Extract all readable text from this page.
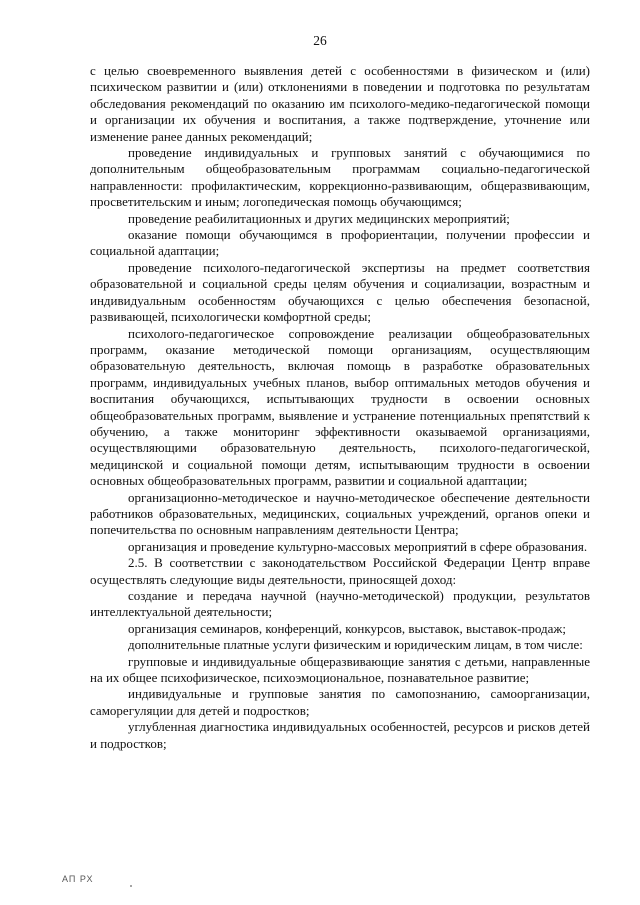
26

с целью своевременного выявления детей с особенностями в физическом и (или) психическом развитии и (или) отклонениями в поведении и подготовка по результатам обследования рекомендаций по оказанию им психолого-медико-педагогической помощи и организации их обучения и воспитания, а также подтверждение, уточнение или изменение ранее данных рекомендаций;

проведение индивидуальных и групповых занятий с обучающимися по дополнительным общеобразовательным программам социально-педагогической направленности: профилактическим, коррекционно-развивающим, общеразвивающим, просветительским и иным; логопедическая помощь обучающимся;

проведение реабилитационных и других медицинских мероприятий;

оказание помощи обучающимся в профориентации, получении профессии и социальной адаптации;

проведение психолого-педагогической экспертизы на предмет соответствия образовательной и социальной среды целям обучения и социализации, возрастным и индивидуальным особенностям обучающихся с целью обеспечения безопасной, развивающей, психологически комфортной среды;

психолого-педагогическое сопровождение реализации общеобразовательных программ, оказание методической помощи организациям, осуществляющим образовательную деятельность, включая помощь в разработке образовательных программ, индивидуальных учебных планов, выбор оптимальных методов обучения и воспитания обучающихся, испытывающих трудности в освоении основных общеобразовательных программ, выявление и устранение потенциальных препятствий к обучению, а также мониторинг эффективности оказываемой организациями, осуществляющими образовательную деятельность, психолого-педагогической, медицинской и социальной помощи детям, испытывающим трудности в освоении основных общеобразовательных программ, развитии и социальной адаптации;

организационно-методическое и научно-методическое обеспечение деятельности работников образовательных, медицинских, социальных учреждений, органов опеки и попечительства по основным направлениям деятельности Центра;

организация и проведение культурно-массовых мероприятий в сфере образования.

2.5. В соответствии с законодательством Российской Федерации Центр вправе осуществлять следующие виды деятельности, приносящей доход:

создание и передача научной (научно-методической) продукции, результатов интеллектуальной деятельности;

организация семинаров, конференций, конкурсов, выставок, выставок-продаж;

дополнительные платные услуги физическим и юридическим лицам, в том числе:

групповые и индивидуальные общеразвивающие занятия с детьми, направленные на их общее психофизическое, психоэмоциональное, познавательное развитие;

индивидуальные и групповые занятия по самопознанию, самоорганизации, саморегуляции для детей и подростков;

углубленная диагностика индивидуальных особенностей, ресурсов и рисков детей и подростков;

АП РХ
